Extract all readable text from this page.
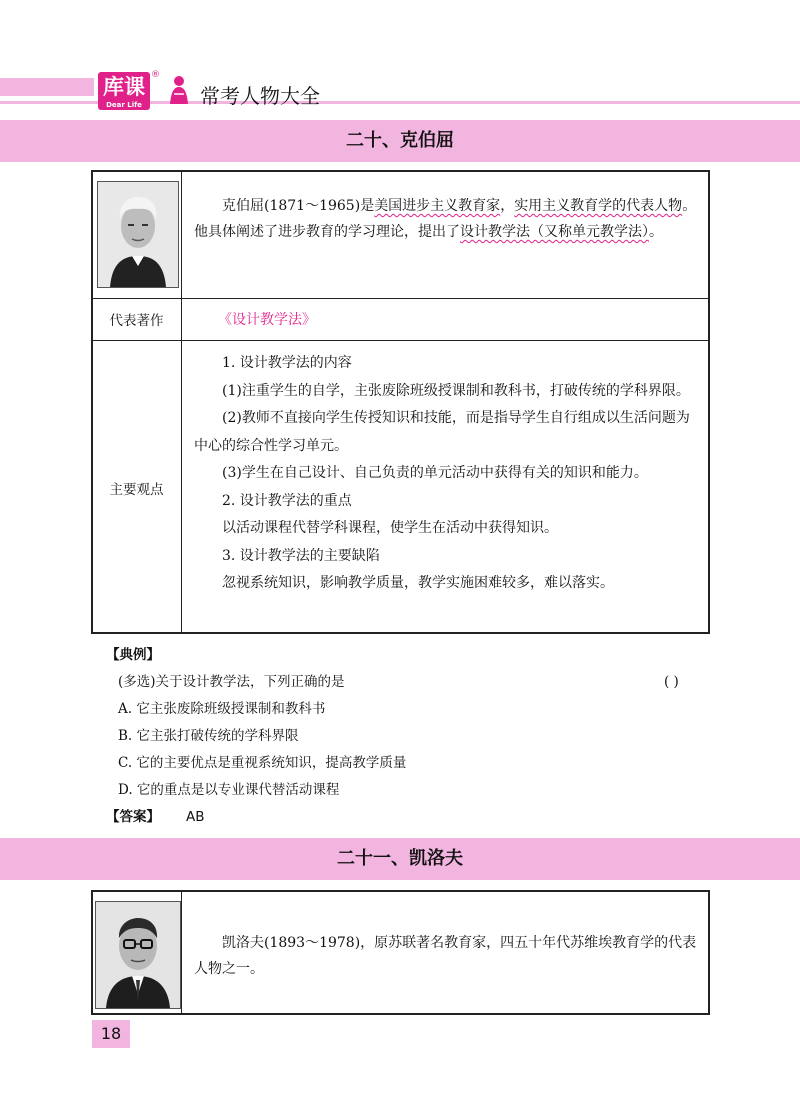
库课
Dear Life
®
常考人物大全
二十、克伯屈
克伯屈(1871～1965)是美国进步主义教育家，实用主义教育学的代表人物。他具体阐述了进步教育的学习理论，提出了设计教学法（又称单元教学法）。
代表著作	《设计教学法》
主要观点

1. 设计教学法的内容

(1)注重学生的自学，主张废除班级授课制和教科书，打破传统的学科界限。

(2)教师不直接向学生传授知识和技能，而是指导学生自行组成以生活问题为中心的综合性学习单元。

(3)学生在自己设计、自己负责的单元活动中获得有关的知识和能力。

2. 设计教学法的重点

以活动课程代替学科课程，使学生在活动中获得知识。

3. 设计教学法的主要缺陷

忽视系统知识，影响教学质量，教学实施困难较多，难以落实。

【典例】
(多选)关于设计教学法，下列正确的是	( )
A. 它主张废除班级授课制和教科书
B. 它主张打破传统的学科界限
C. 它的主要优点是重视系统知识，提高教学质量
D. 它的重点是以专业课代替活动课程
【答案】 AB
二十一、凯洛夫
凯洛夫(1893～1978)，原苏联著名教育家，四五十年代苏维埃教育学的代表人物之一。
18
